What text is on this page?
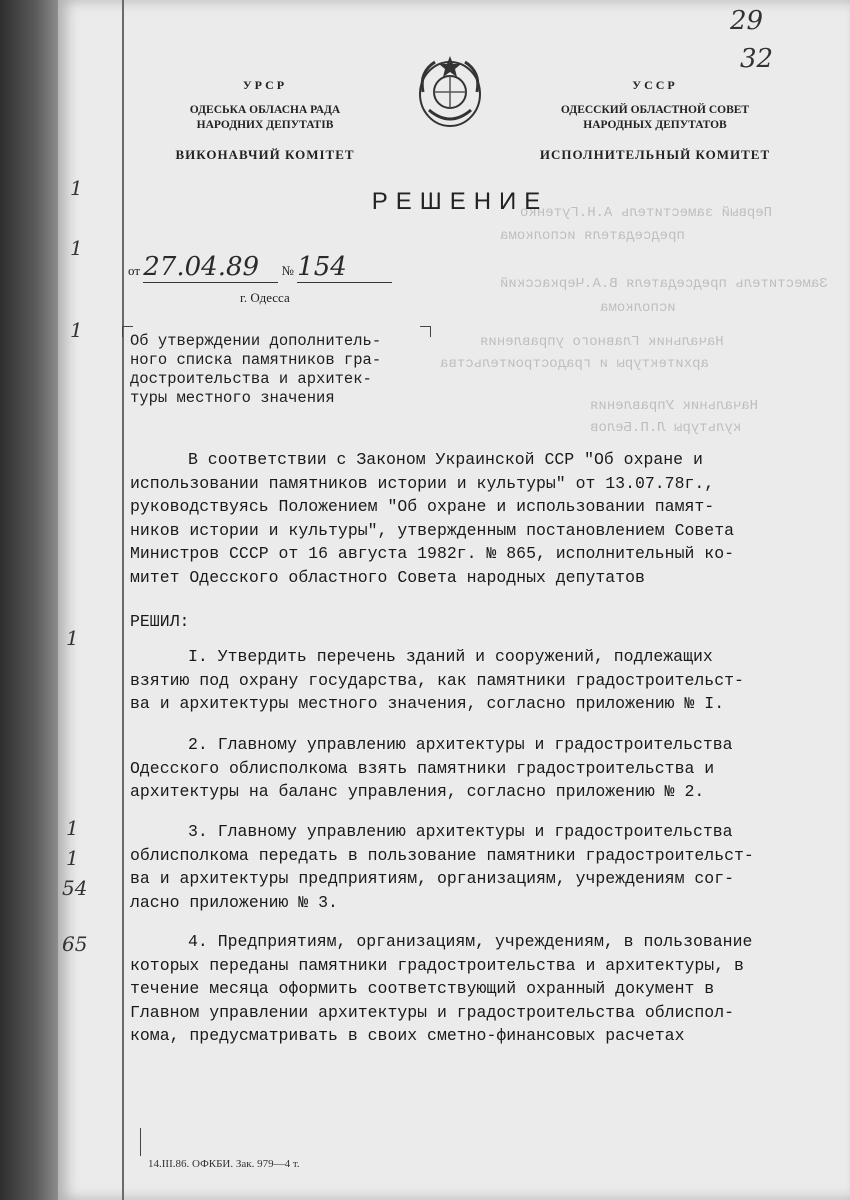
Первый заместитель А.Н.Гутенко
председателя исполкома
Заместитель председателя В.А.Черкасский
исполкома
Начальник Главного управления
архитектуры и градостроительства
Начальник Управления
культуры Л.П.Белов
29
32
1
1
1
1
1
1
54
65
УРСР
ОДЕСЬКА ОБЛАСНА РАДА
НАРОДНИХ ДЕПУТАТІВ
ВИКОНАВЧИЙ КОМІТЕТ
УССР
ОДЕССКИЙ ОБЛАСТНОЙ СОВЕТ
НАРОДНЫХ ДЕПУТАТОВ
ИСПОЛНИТЕЛЬНЫЙ КОМИТЕТ
РЕШЕНИЕ
от 27.04.89 № 154
г. Одесса
Об утверждении дополнитель-
ного списка памятников гра-
достроительства и архитек-
туры местного значения
В соответствии с Законом Украинской ССР "Об охране и
использовании памятников истории и культуры" от 13.07.78г.,
руководствуясь Положением "Об охране и использовании памят-
ников истории и культуры", утвержденным постановлением Совета
Министров СССР от 16 августа 1982г. № 865, исполнительный ко-
митет Одесского областного Совета народных депутатов
РЕШИЛ:
I. Утвердить перечень зданий и сооружений, подлежащих
взятию под охрану государства, как памятники градостроительст-
ва и архитектуры местного значения, согласно приложению № I.
2. Главному управлению архитектуры и градостроительства
Одесского облисполкома взять памятники градостроительства и
архитектуры на баланс управления, согласно приложению № 2.
3. Главному управлению архитектуры и градостроительства
облисполкома передать в пользование памятники градостроительст-
ва и архитектуры предприятиям, организациям, учреждениям сог-
ласно приложению № 3.
4. Предприятиям, организациям, учреждениям, в пользование
которых переданы памятники градостроительства и архитектуры, в
течение месяца оформить соответствующий охранный документ в
Главном управлении архитектуры и градостроительства облиспол-
кома, предусматривать в своих сметно-финансовых расчетах
14.III.86. ОФКБИ. Зак. 979—4 т.
